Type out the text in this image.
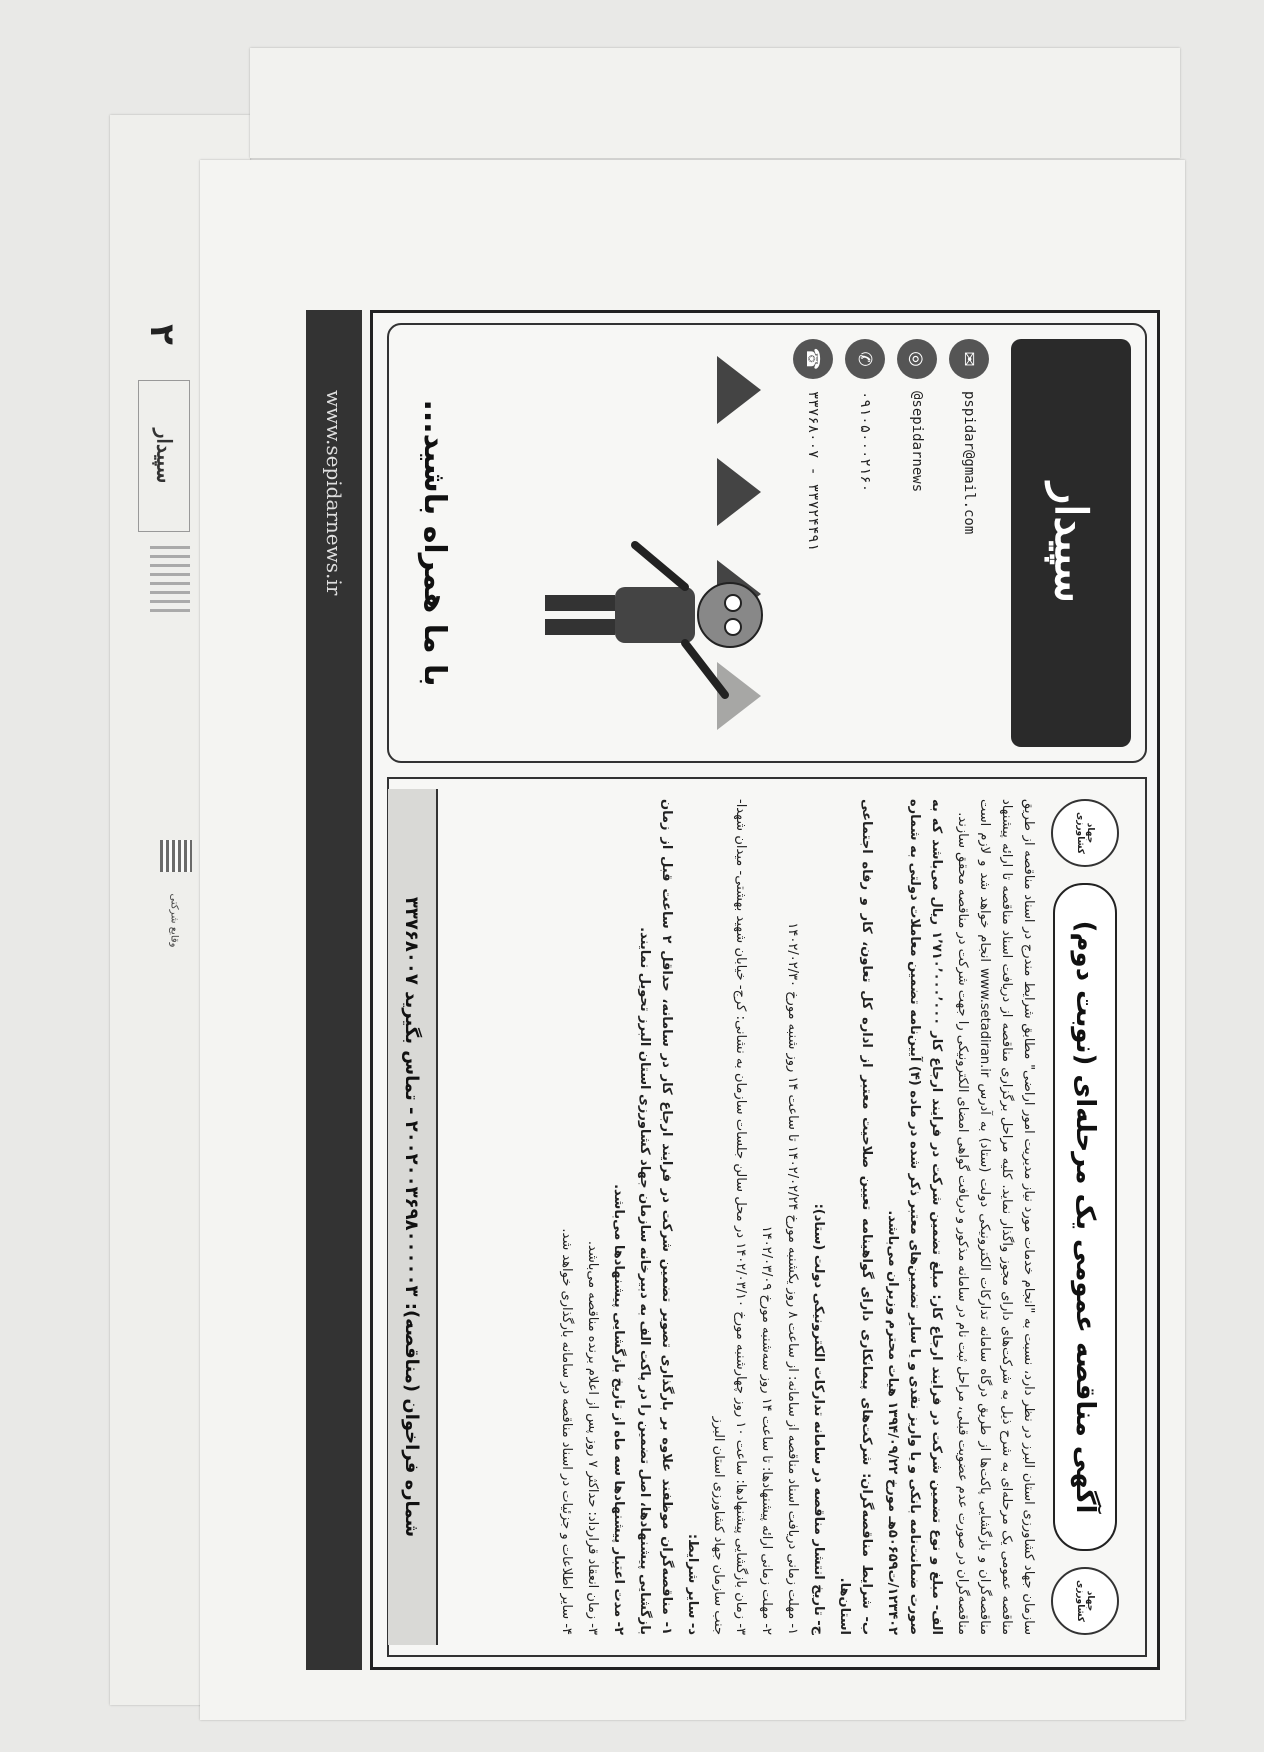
۲
سپیدار
وقایع شرکتی
جهاد کشاورزی
آگهی مناقصه عمومی یک مرحله‌ای (نوبت دوم)
جهاد کشاورزی

سازمان جهاد کشاورزی استان البرز در نظر دارد، نسبت به "انجام خدمات مورد نیاز مدیریت امور اراضی" مطابق شرایط مندرج در اسناد مناقصه از طریق مناقصه عمومی یک مرحله‌ای به شرح ذیل به شرکت‌های دارای مجوز واگذار نماید. کلیه مراحل برگزاری مناقصه از دریافت اسناد مناقصه تا ارائه پیشنهاد مناقصه‌گران و بازگشایی پاکت‌ها از طریق درگاه سامانه تدارکات الکترونیکی دولت (ستاد) به آدرس www.setadiran.ir انجام خواهد شد و لازم است مناقصه‌گران در صورت عدم عضویت قبلی، مراحل ثبت نام در سامانه مذکور و دریافت گواهی امضای الکترونیکی را جهت شرکت در مناقصه محقق سازند.

الف- مبلغ و نوع تضمین شرکت در فرایند ارجاع کار: مبلغ تضمین شرکت در فرایند ارجاع کار ۱٬۷۱۰٬۰۰۰٬۰۰۰ ریال می‌باشد که به صورت ضمانت‌نامه بانکی و یا واریز نقدی و یا سایر تضمین‌های معتبر ذکر شده در ماده (۴) آیین‌نامه تضمین معاملات دولتی به شماره ۱۲۳۴۰۲/ت۵۰۶۵۹هـ مورخ ۱۳۹۴/۰۹/۲۲ هیات محترم وزیران می‌باشد.

ب- شرایط مناقصه‌گران: شرکت‌های پیمانکاری دارای گواهینامه تعیین صلاحیت معتبر از اداره کل تعاون، کار و رفاه اجتماعی استان‌ها.

ج- تاریخ انتشار مناقصه در سامانه تدارکات الکترونیکی دولت (ستاد):

۱- مهلت زمانی دریافت اسناد مناقصه از سامانه: از ساعت ۸ روز یکشنبه مورخ ۱۴۰۲/۰۲/۲۴ تا ساعت ۱۴ روز شنبه مورخ ۱۴۰۲/۰۲/۳۰

۲- مهلت زمانی ارائه پیشنهادها: تا ساعت ۱۴ روز سه‌شنبه مورخ ۱۴۰۲/۰۳/۰۹

۳- زمان بازگشایی پیشنهادها: ساعت ۱۰ روز چهارشنبه مورخ ۱۴۰۲/۰۳/۱۰ در محل سالن جلسات سازمان به نشانی: کرج- خیابان شهید بهشتی- میدان شهدا- جنب سازمان جهاد کشاورزی استان البرز

د- سایر شرایط:

۱- مناقصه‌گران موظفند علاوه بر بارگذاری تصویر تضمین شرکت در فرایند ارجاع کار در سامانه، حداقل ۲ ساعت قبل از زمان بازگشایی پیشنهادها، اصل تضمین را در پاکت الف به دبیرخانه سازمان جهاد کشاورزی استان البرز تحویل نمایند.

۲- مدت اعتبار پیشنهادها سه ماه از تاریخ بازگشایی پیشنهادها می‌باشد.

۳- زمان انعقاد قرارداد: حداکثر ۷ روز پس از اعلام برنده مناقصه می‌باشد.

۴- سایر اطلاعات و جزئیات در اسناد مناقصه در سامانه بارگذاری خواهد شد.

شماره فراخوان (مناقصه): ۲۰۰۲۰۰۳۶۹۸۰۰۰۰۰۳ - تماس بگیرید ۳۳۷۶۸۰۰۷
سپیدار
✉
pspidar@gmail.com
◎
@sepidarnews
✆
۰۹۱۰۵۰۰۰۲۱۶۰
☎
۳۳۷۶۸۰۰۷ - ۳۳۷۲۴۴۹۱
با ما همراه باشید...
www.sepidarnews.ir
